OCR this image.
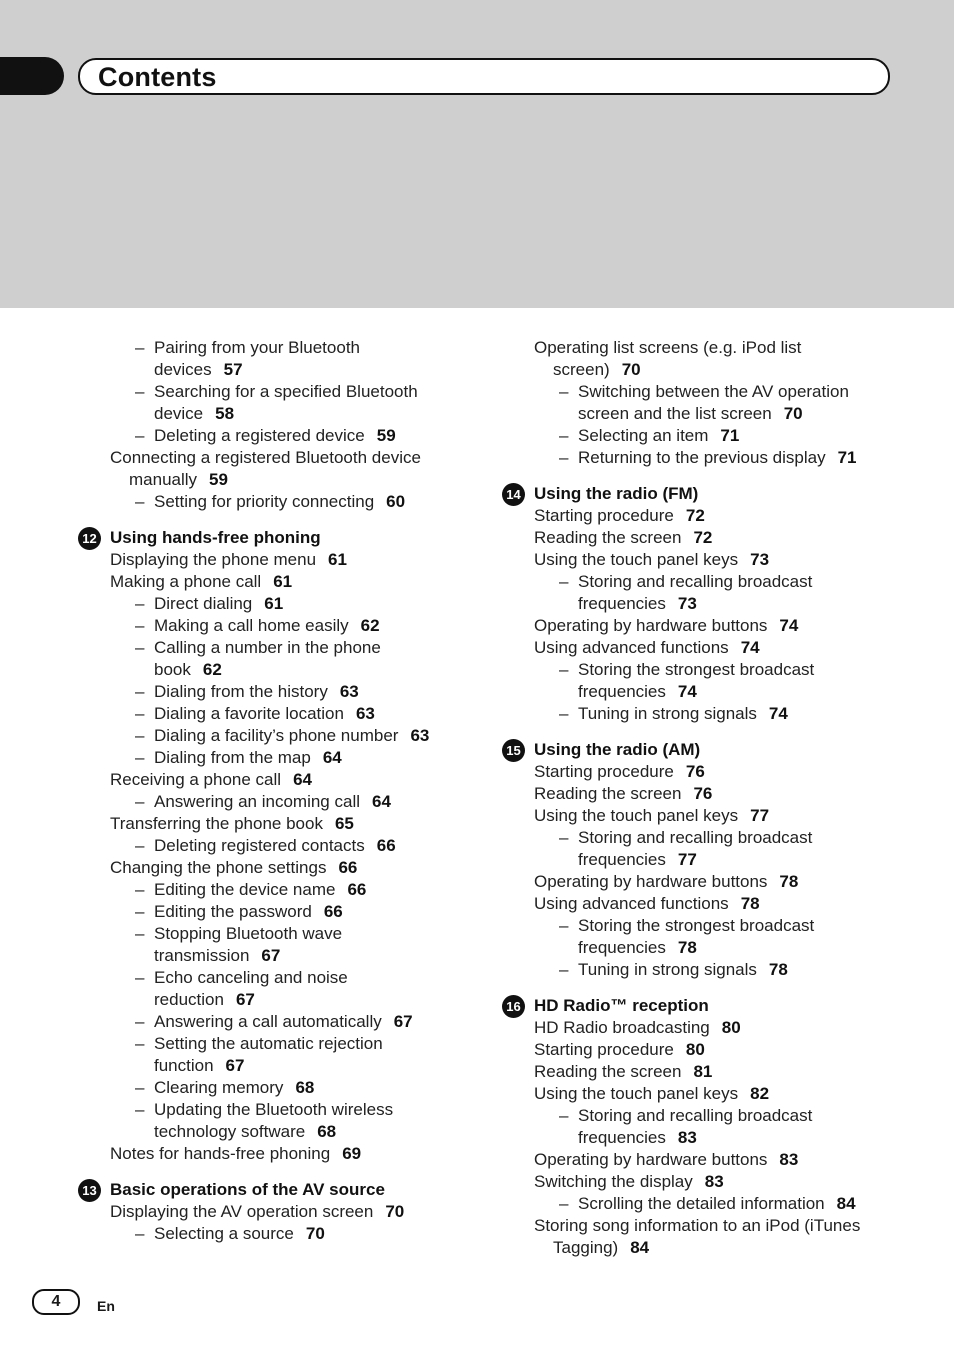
Contents
– Pairing from your Bluetooth
devices 57
– Searching for a specified Bluetooth
device 58
– Deleting a registered device 59
Connecting a registered Bluetooth device
manually 59
– Setting for priority connecting 60
12 Using hands-free phoning
Displaying the phone menu 61
Making a phone call 61
– Direct dialing 61
– Making a call home easily 62
– Calling a number in the phone
book 62
– Dialing from the history 63
– Dialing a favorite location 63
– Dialing a facility’s phone number 63
– Dialing from the map 64
Receiving a phone call 64
– Answering an incoming call 64
Transferring the phone book 65
– Deleting registered contacts 66
Changing the phone settings 66
– Editing the device name 66
– Editing the password 66
– Stopping Bluetooth wave
transmission 67
– Echo canceling and noise
reduction 67
– Answering a call automatically 67
– Setting the automatic rejection
function 67
– Clearing memory 68
– Updating the Bluetooth wireless
technology software 68
Notes for hands-free phoning 69
13 Basic operations of the AV source
Displaying the AV operation screen 70
– Selecting a source 70
Operating list screens (e.g. iPod list
screen) 70
– Switching between the AV operation
screen and the list screen 70
– Selecting an item 71
– Returning to the previous display 71
14 Using the radio (FM)
Starting procedure 72
Reading the screen 72
Using the touch panel keys 73
– Storing and recalling broadcast
frequencies 73
Operating by hardware buttons 74
Using advanced functions 74
– Storing the strongest broadcast
frequencies 74
– Tuning in strong signals 74
15 Using the radio (AM)
Starting procedure 76
Reading the screen 76
Using the touch panel keys 77
– Storing and recalling broadcast
frequencies 77
Operating by hardware buttons 78
Using advanced functions 78
– Storing the strongest broadcast
frequencies 78
– Tuning in strong signals 78
16 HD Radio™ reception
HD Radio broadcasting 80
Starting procedure 80
Reading the screen 81
Using the touch panel keys 82
– Storing and recalling broadcast
frequencies 83
Operating by hardware buttons 83
Switching the display 83
– Scrolling the detailed information 84
Storing song information to an iPod (iTunes
Tagging) 84
4	En
